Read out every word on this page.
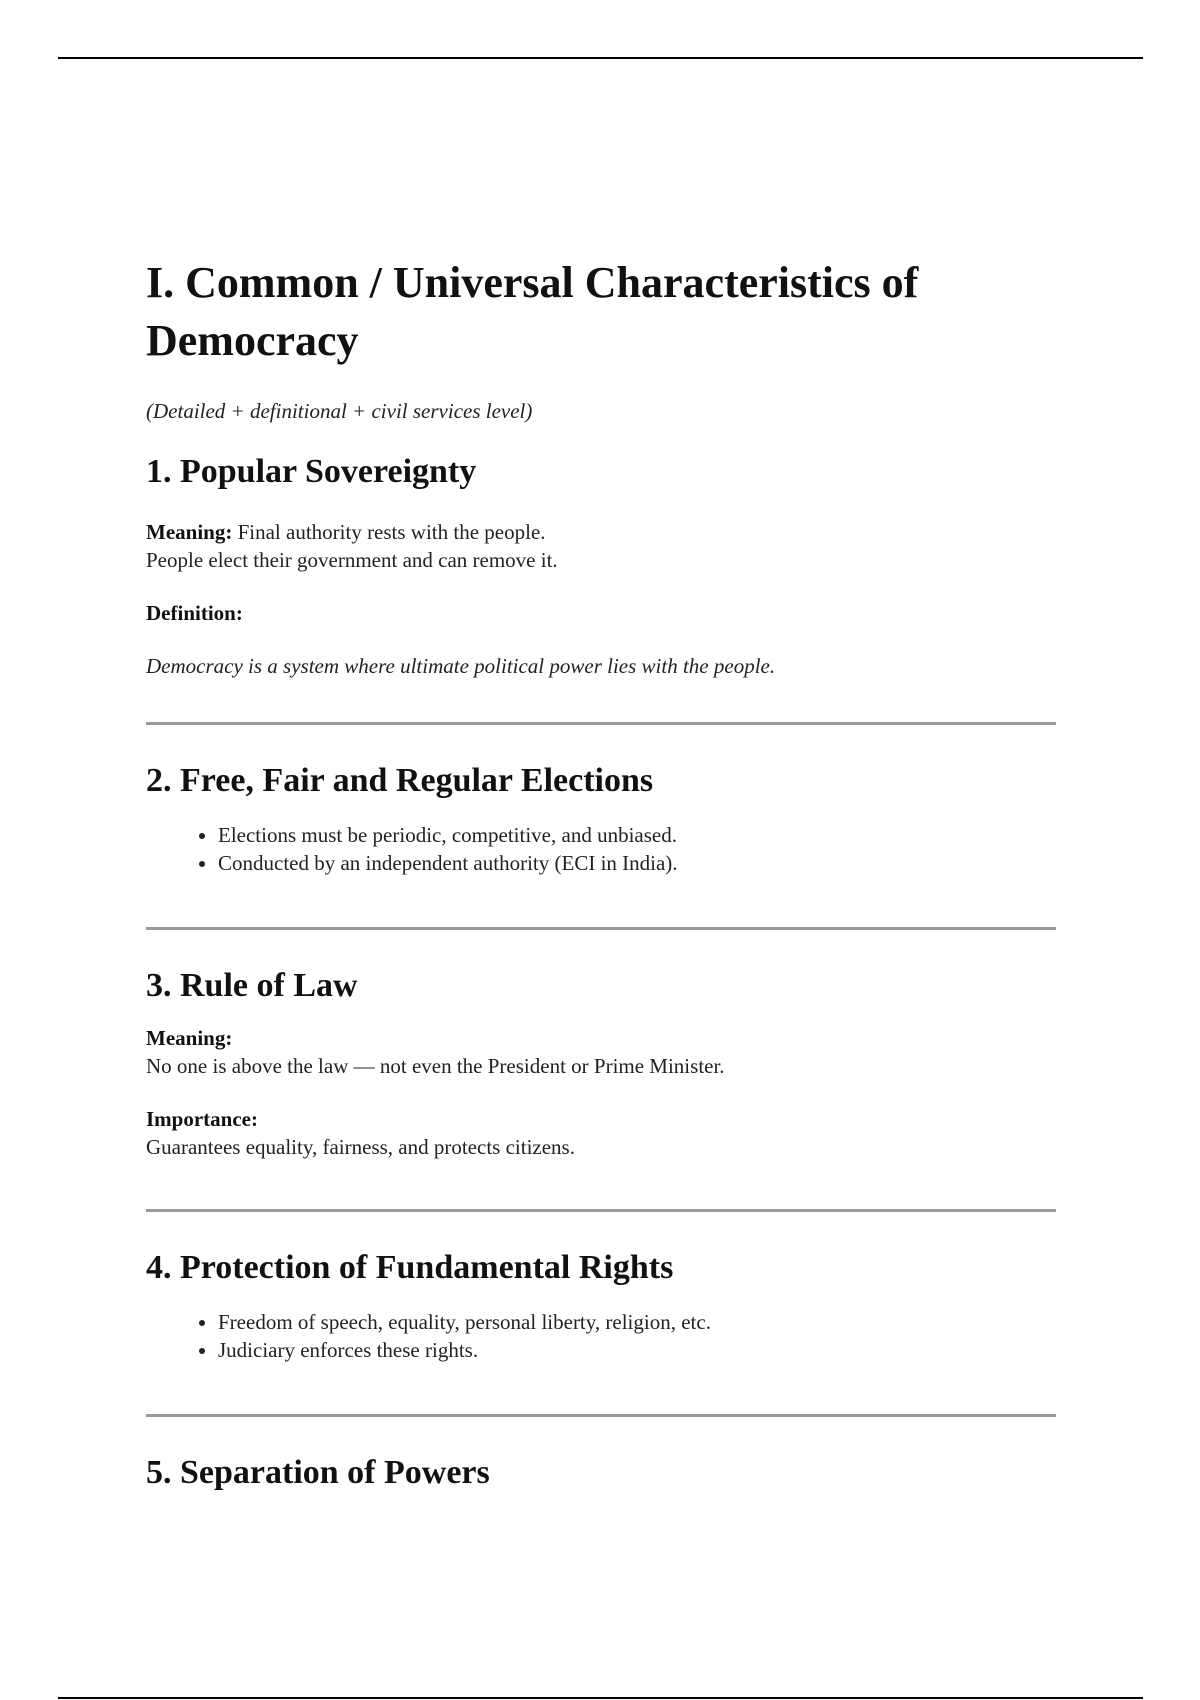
I. Common / Universal Characteristics of Democracy

(Detailed + definitional + civil services level)

1. Popular Sovereignty

Meaning: Final authority rests with the people.
People elect their government and can remove it.

Definition:

Democracy is a system where ultimate political power lies with the people.

2. Free, Fair and Regular Elections
• Elections must be periodic, competitive, and unbiased.
• Conducted by an independent authority (ECI in India).
3. Rule of Law

Meaning:
No one is above the law — not even the President or Prime Minister.

Importance:
Guarantees equality, fairness, and protects citizens.

4. Protection of Fundamental Rights
• Freedom of speech, equality, personal liberty, religion, etc.
• Judiciary enforces these rights.
5. Separation of Powers
